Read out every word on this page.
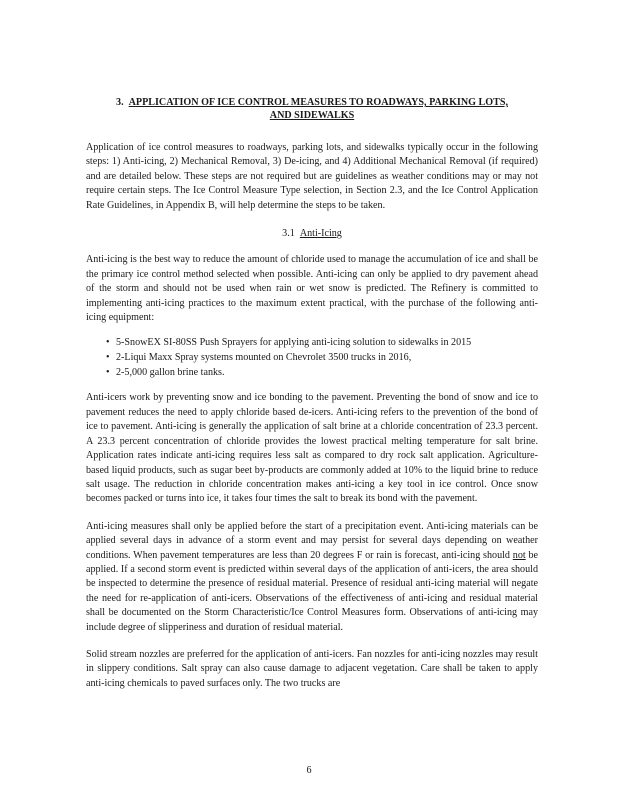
3. APPLICATION OF ICE CONTROL MEASURES TO ROADWAYS, PARKING LOTS,
AND SIDEWALKS

Application of ice control measures to roadways, parking lots, and sidewalks typically occur in the following steps: 1) Anti-icing, 2) Mechanical Removal, 3) De-icing, and 4) Additional Mechanical Removal (if required) and are detailed below. These steps are not required but are guidelines as weather conditions may or may not require certain steps. The Ice Control Measure Type selection, in Section 2.3, and the Ice Control Application Rate Guidelines, in Appendix B, will help determine the steps to be taken.

3.1 Anti-Icing

Anti-icing is the best way to reduce the amount of chloride used to manage the accumulation of ice and shall be the primary ice control method selected when possible. Anti-icing can only be applied to dry pavement ahead of the storm and should not be used when rain or wet snow is predicted. The Refinery is committed to implementing anti-icing practices to the maximum extent practical, with the purchase of the following anti-icing equipment:

• 5-SnowEX SI-80SS Push Sprayers for applying anti-icing solution to sidewalks in 2015
• 2-Liqui Maxx Spray systems mounted on Chevrolet 3500 trucks in 2016,
• 2-5,000 gallon brine tanks.

Anti-icers work by preventing snow and ice bonding to the pavement. Preventing the bond of snow and ice to pavement reduces the need to apply chloride based de-icers. Anti-icing refers to the prevention of the bond of ice to pavement. Anti-icing is generally the application of salt brine at a chloride concentration of 23.3 percent. A 23.3 percent concentration of chloride provides the lowest practical melting temperature for salt brine. Application rates indicate anti-icing requires less salt as compared to dry rock salt application. Agriculture-based liquid products, such as sugar beet by-products are commonly added at 10% to the liquid brine to reduce salt usage. The reduction in chloride concentration makes anti-icing a key tool in ice control. Once snow becomes packed or turns into ice, it takes four times the salt to break its bond with the pavement.

Anti-icing measures shall only be applied before the start of a precipitation event. Anti-icing materials can be applied several days in advance of a storm event and may persist for several days depending on weather conditions. When pavement temperatures are less than 20 degrees F or rain is forecast, anti-icing should not be applied. If a second storm event is predicted within several days of the application of anti-icers, the area should be inspected to determine the presence of residual material. Presence of residual anti-icing material will negate the need for re-application of anti-icers. Observations of the effectiveness of anti-icing and residual material shall be documented on the Storm Characteristic/Ice Control Measures form. Observations of anti-icing may include degree of slipperiness and duration of residual material.

Solid stream nozzles are preferred for the application of anti-icers. Fan nozzles for anti-icing nozzles may result in slippery conditions. Salt spray can also cause damage to adjacent vegetation. Care shall be taken to apply anti-icing chemicals to paved surfaces only. The two trucks are

6
